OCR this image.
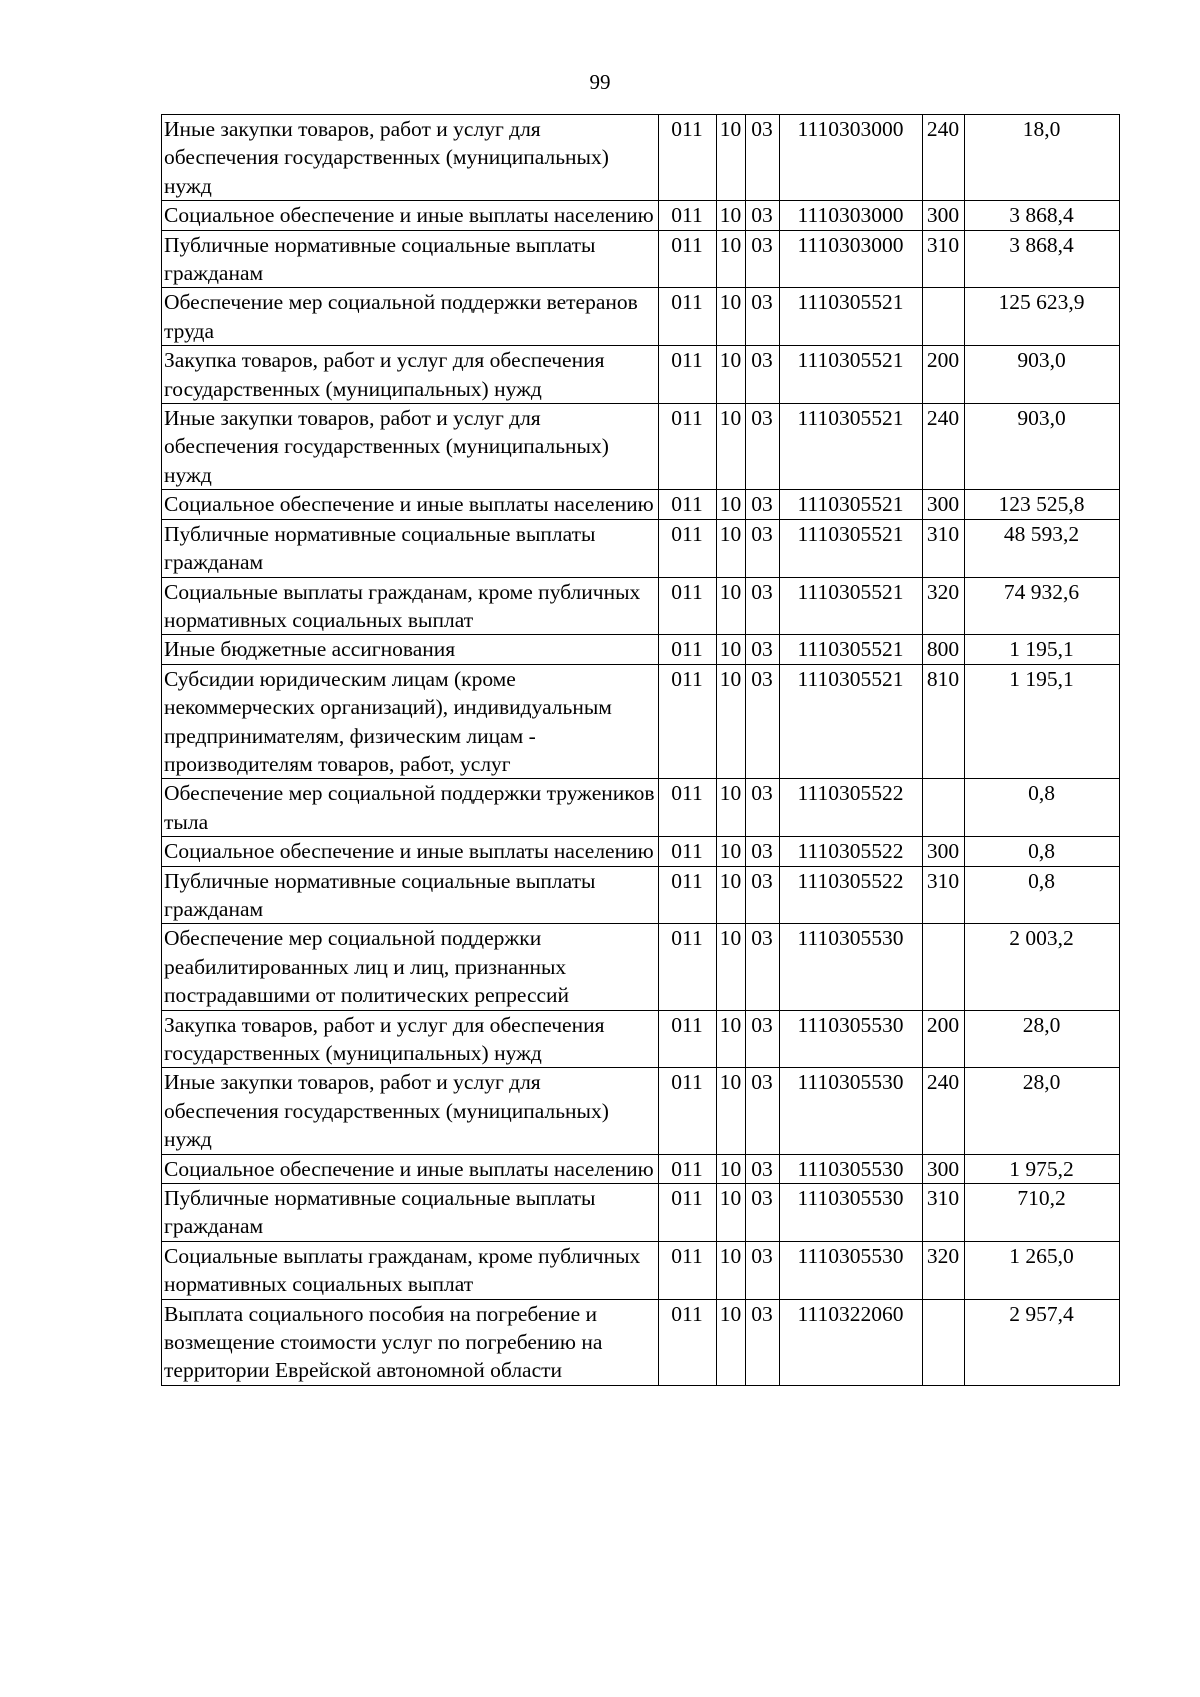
99
Иные закупки товаров, работ и услуг для обеспечения государственных (муниципальных) нужд	011	10	03	1110303000	240	18,0
Социальное обеспечение и иные выплаты населению	011	10	03	1110303000	300	3 868,4
Публичные нормативные социальные выплаты гражданам	011	10	03	1110303000	310	3 868,4
Обеспечение мер социальной поддержки ветеранов труда	011	10	03	1110305521		125 623,9
Закупка товаров, работ и услуг для обеспечения государственных (муниципальных) нужд	011	10	03	1110305521	200	903,0
Иные закупки товаров, работ и услуг для обеспечения государственных (муниципальных) нужд	011	10	03	1110305521	240	903,0
Социальное обеспечение и иные выплаты населению	011	10	03	1110305521	300	123 525,8
Публичные нормативные социальные выплаты гражданам	011	10	03	1110305521	310	48 593,2
Социальные выплаты гражданам, кроме публичных нормативных социальных выплат	011	10	03	1110305521	320	74 932,6
Иные бюджетные ассигнования	011	10	03	1110305521	800	1 195,1
Субсидии юридическим лицам (кроме некоммерческих организаций), индивидуальным предпринимателям, физическим лицам - производителям товаров, работ, услуг	011	10	03	1110305521	810	1 195,1
Обеспечение мер социальной поддержки тружеников тыла	011	10	03	1110305522		0,8
Социальное обеспечение и иные выплаты населению	011	10	03	1110305522	300	0,8
Публичные нормативные социальные выплаты гражданам	011	10	03	1110305522	310	0,8
Обеспечение мер социальной поддержки реабилитированных лиц и лиц, признанных пострадавшими от политических репрессий	011	10	03	1110305530		2 003,2
Закупка товаров, работ и услуг для обеспечения государственных (муниципальных) нужд	011	10	03	1110305530	200	28,0
Иные закупки товаров, работ и услуг для обеспечения государственных (муниципальных) нужд	011	10	03	1110305530	240	28,0
Социальное обеспечение и иные выплаты населению	011	10	03	1110305530	300	1 975,2
Публичные нормативные социальные выплаты гражданам	011	10	03	1110305530	310	710,2
Социальные выплаты гражданам, кроме публичных нормативных социальных выплат	011	10	03	1110305530	320	1 265,0
Выплата социального пособия на погребение и возмещение стоимости услуг по погребению на территории Еврейской автономной области	011	10	03	1110322060		2 957,4
